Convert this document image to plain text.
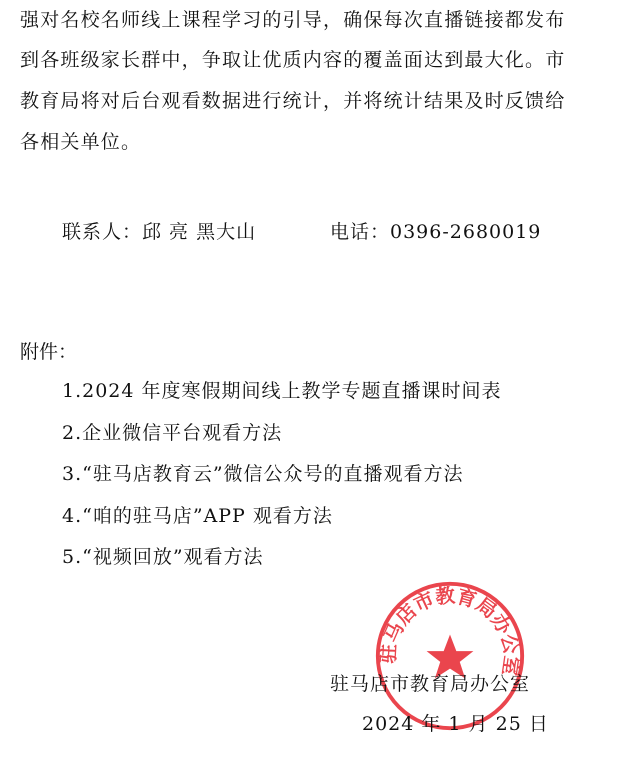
强对名校名师线上课程学习的引导，确保每次直播链接都发布
到各班级家长群中，争取让优质内容的覆盖面达到最大化。市
教育局将对后台观看数据进行统计，并将统计结果及时反馈给
各相关单位。
联系人：邱 亮 黑大山	电话：0396-2680019
附件：
1.2024 年度寒假期间线上教学专题直播课时间表
2.企业微信平台观看方法
3.“驻马店教育云”微信公众号的直播观看方法
4.“咱的驻马店”APP 观看方法
5.“视频回放”观看方法
驻马店市教育局办公室
驻马店市教育局办公室
2024 年 1 月 25 日
